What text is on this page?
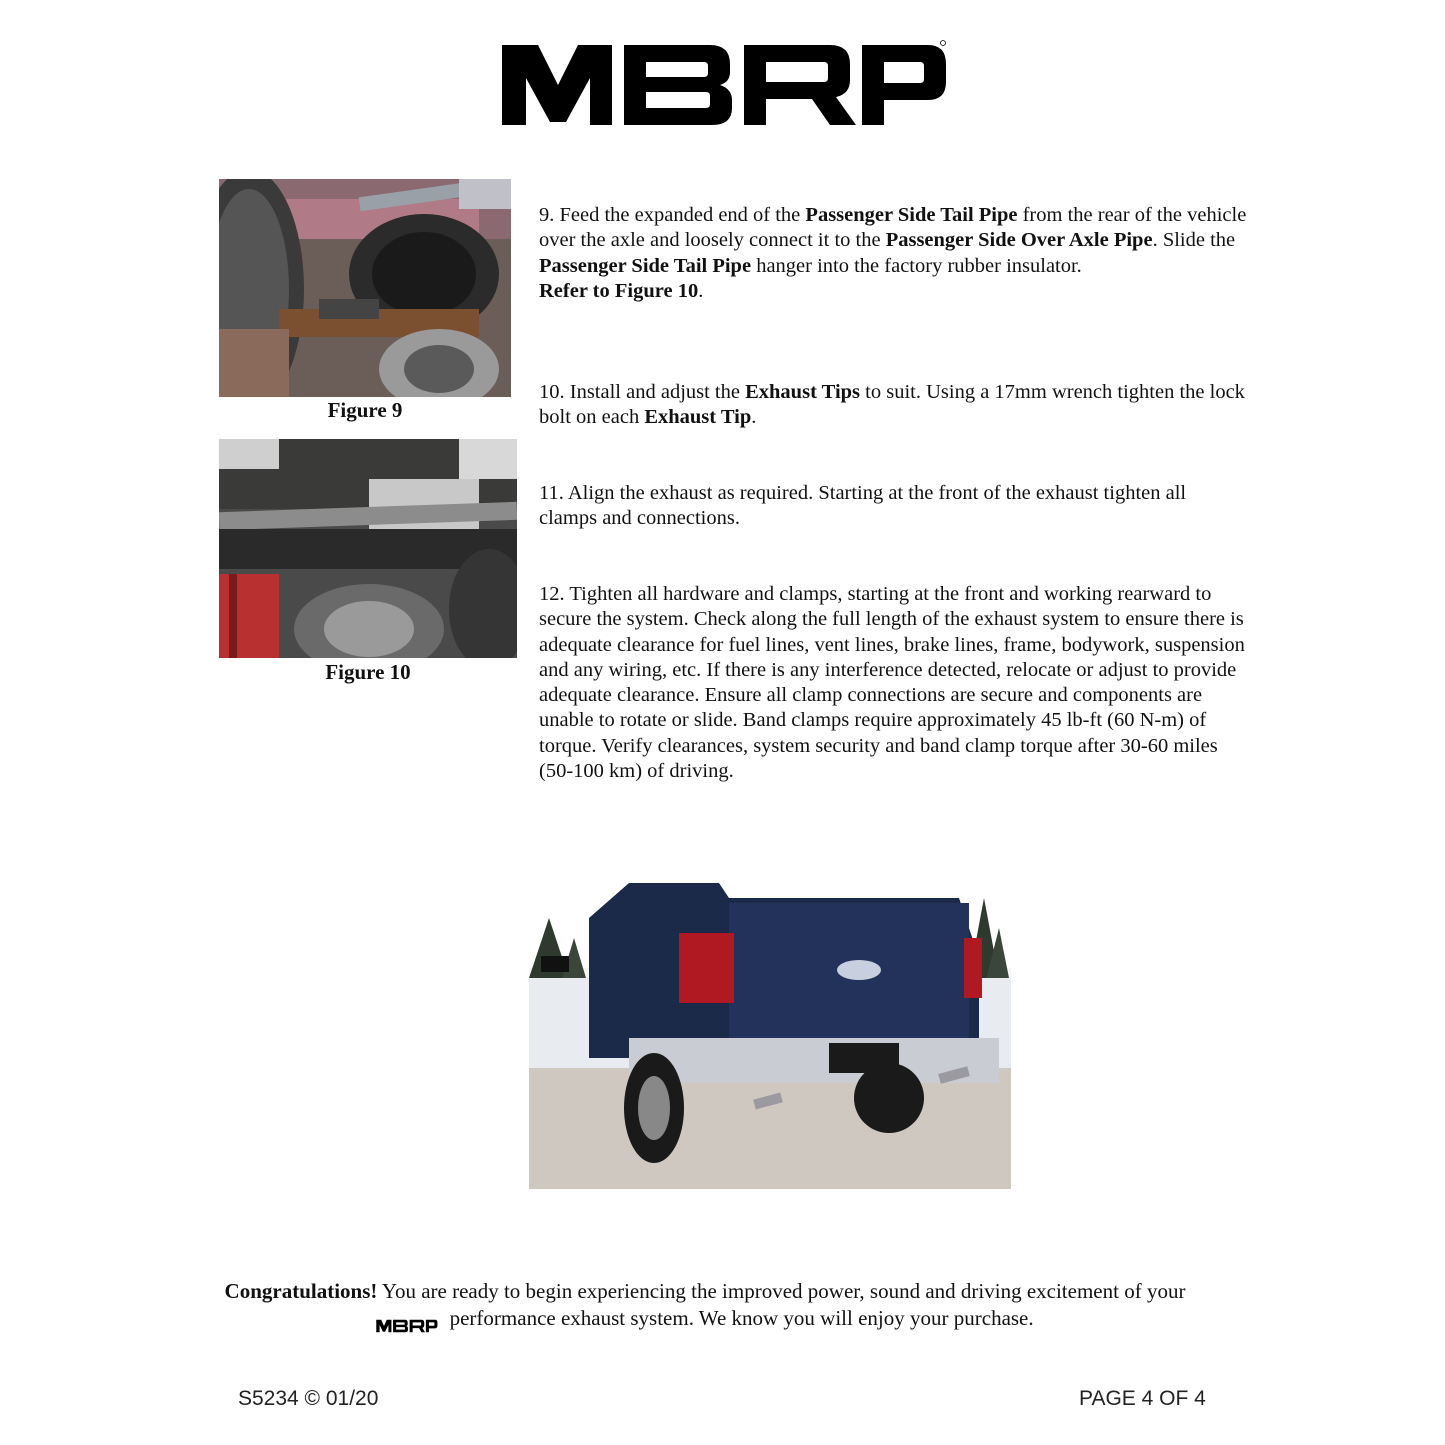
Figure 9
Figure 10
9. Feed the expanded end of the Passenger Side Tail Pipe from the rear of the vehicle over the axle and loosely connect it to the Passenger Side Over Axle Pipe. Slide the Passenger Side Tail Pipe hanger into the factory rubber insulator.
Refer to Figure 10.
10. Install and adjust the Exhaust Tips to suit. Using a 17mm wrench tighten the lock bolt on each Exhaust Tip.
11. Align the exhaust as required. Starting at the front of the exhaust tighten all clamps and connections.
12. Tighten all hardware and clamps, starting at the front and working rearward to secure the system. Check along the full length of the exhaust system to ensure there is adequate clearance for fuel lines, vent lines, brake lines, frame, bodywork, suspension and any wiring, etc. If there is any interference detected, relocate or adjust to provide adequate clearance. Ensure all clamp connections are secure and components are unable to rotate or slide. Band clamps require approximately 45 lb-ft (60 N-m) of torque. Verify clearances, system security and band clamp torque after 30-60 miles (50-100 km) of driving.
Congratulations! You are ready to begin experiencing the improved power, sound and driving excitement of your
performance exhaust system. We know you will enjoy your purchase.
S5234 © 01/20	PAGE 4 OF 4
